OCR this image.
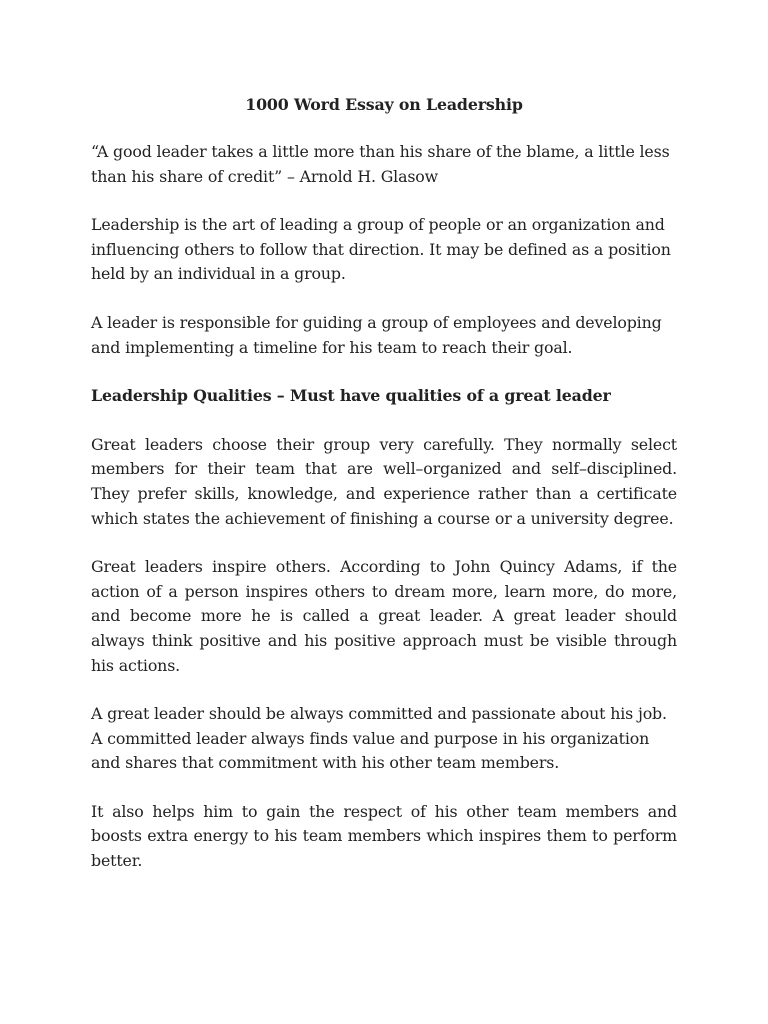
1000 Word Essay on Leadership

“A good leader takes a little more than his share of the blame, a little less than his share of credit” – Arnold H. Glasow

Leadership is the art of leading a group of people or an organization and influencing others to follow that direction. It may be defined as a position held by an individual in a group.

A leader is responsible for guiding a group of employees and developing and implementing a timeline for his team to reach their goal.

Leadership Qualities – Must have qualities of a great leader

Great leaders choose their group very carefully. They normally select members for their team that are well–organized and self–disciplined. They prefer skills, knowledge, and experience rather than a certificate which states the achievement of finishing a course or a university degree.

Great leaders inspire others. According to John Quincy Adams, if the action of a person inspires others to dream more, learn more, do more, and become more he is called a great leader. A great leader should always think positive and his positive approach must be visible through his actions.

A great leader should be always committed and passionate about his job. A committed leader always finds value and purpose in his organization and shares that commitment with his other team members.

It also helps him to gain the respect of his other team members and boosts extra energy to his team members which inspires them to perform better.
